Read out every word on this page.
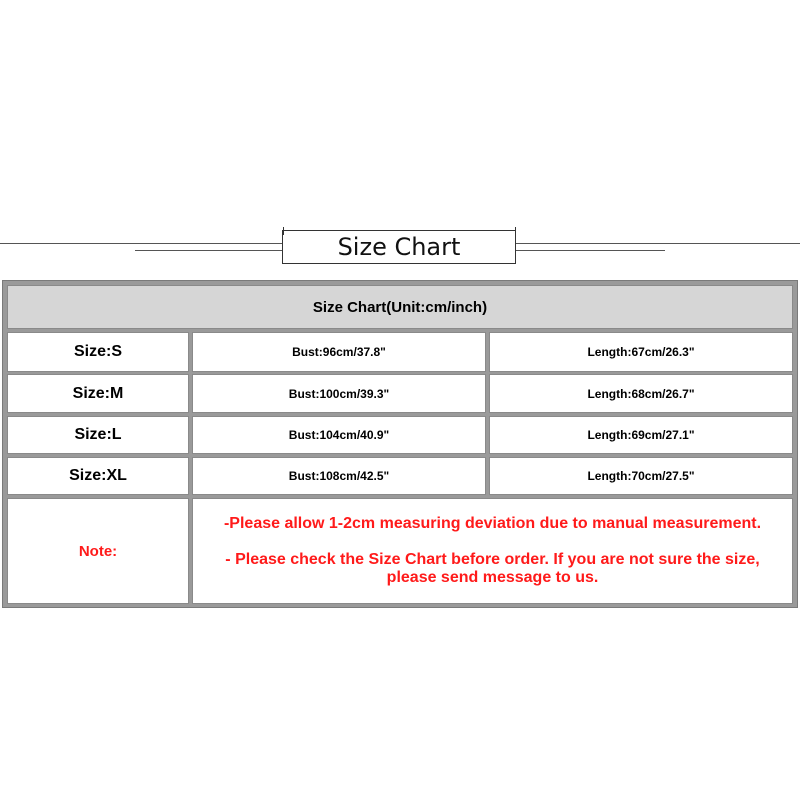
Size Chart
Size Chart(Unit:cm/inch)
Size:S	Bust:96cm/37.8"	Length:67cm/26.3"
Size:M	Bust:100cm/39.3"	Length:68cm/26.7"
Size:L	Bust:104cm/40.9"	Length:69cm/27.1"
Size:XL	Bust:108cm/42.5"	Length:70cm/27.5"
Note:
-Please allow 1-2cm measuring deviation due to manual measurement.
- Please check the Size Chart before order. If you are not sure the size,
please send message to us.
